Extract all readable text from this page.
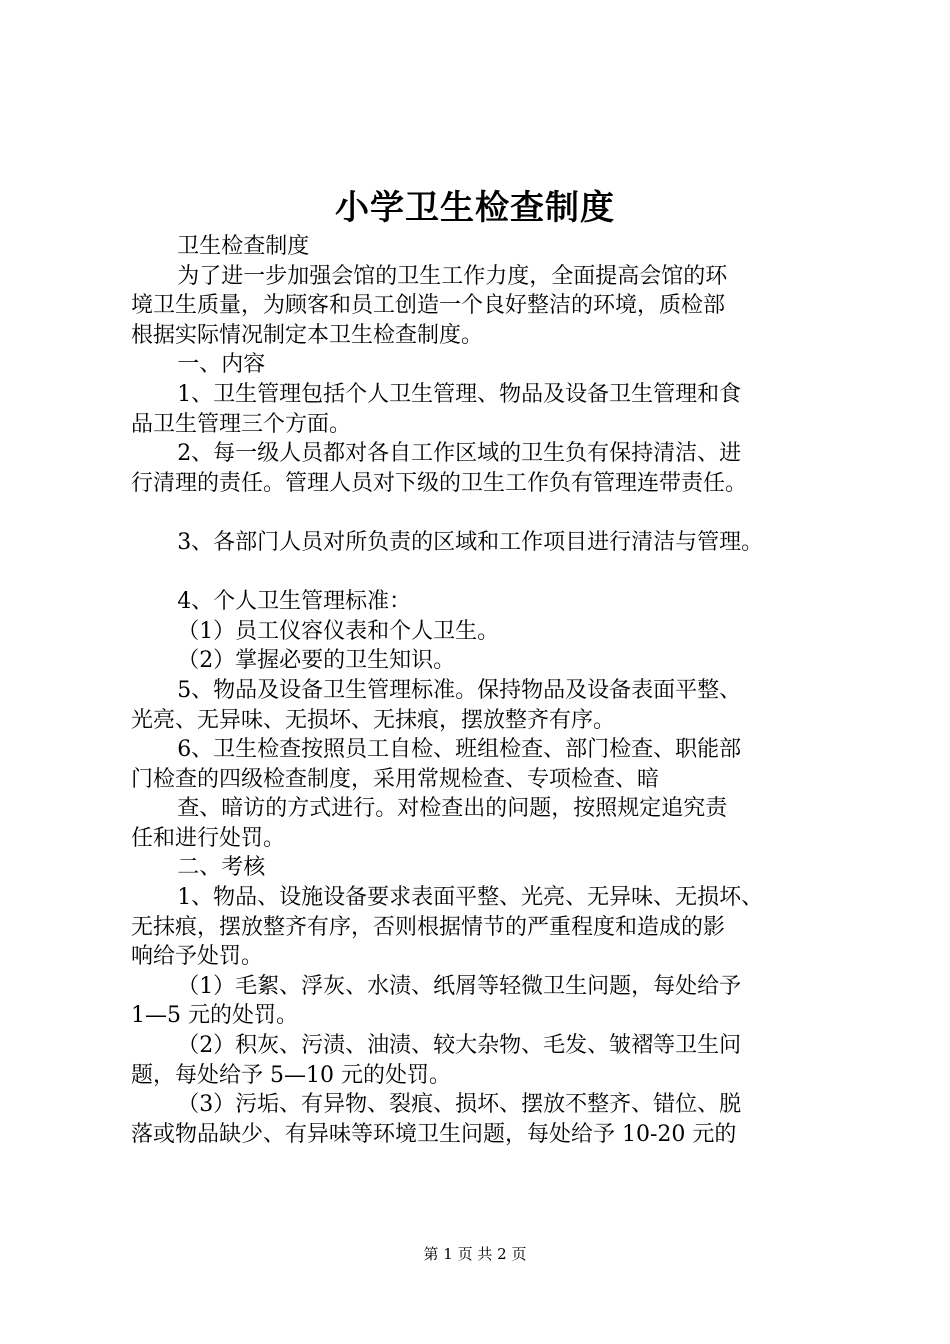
小学卫生检查制度
卫生检查制度
为了进一步加强会馆的卫生工作力度，全面提高会馆的环
境卫生质量，为顾客和员工创造一个良好整洁的环境，质检部
根据实际情况制定本卫生检查制度。
一、内容
1、卫生管理包括个人卫生管理、物品及设备卫生管理和食
品卫生管理三个方面。
2、每一级人员都对各自工作区域的卫生负有保持清洁、进
行清理的责任。管理人员对下级的卫生工作负有管理连带责任。
3、各部门人员对所负责的区域和工作项目进行清洁与管理。
4、个人卫生管理标准：
（1）员工仪容仪表和个人卫生。
（2）掌握必要的卫生知识。
5、物品及设备卫生管理标准。保持物品及设备表面平整、
光亮、无异味、无损坏、无抹痕，摆放整齐有序。
6、卫生检查按照员工自检、班组检查、部门检查、职能部
门检查的四级检查制度，采用常规检查、专项检查、暗
查、暗访的方式进行。对检查出的问题，按照规定追究责
任和进行处罚。
二、考核
1、物品、设施设备要求表面平整、光亮、无异味、无损坏、
无抹痕，摆放整齐有序，否则根据情节的严重程度和造成的影
响给予处罚。
（1）毛絮、浮灰、水渍、纸屑等轻微卫生问题，每处给予
1—5 元的处罚。
（2）积灰、污渍、油渍、较大杂物、毛发、皱褶等卫生问
题，每处给予 5—10 元的处罚。
（3）污垢、有异物、裂痕、损坏、摆放不整齐、错位、脱
落或物品缺少、有异味等环境卫生问题，每处给予 10-20 元的
第 1 页 共 2 页
